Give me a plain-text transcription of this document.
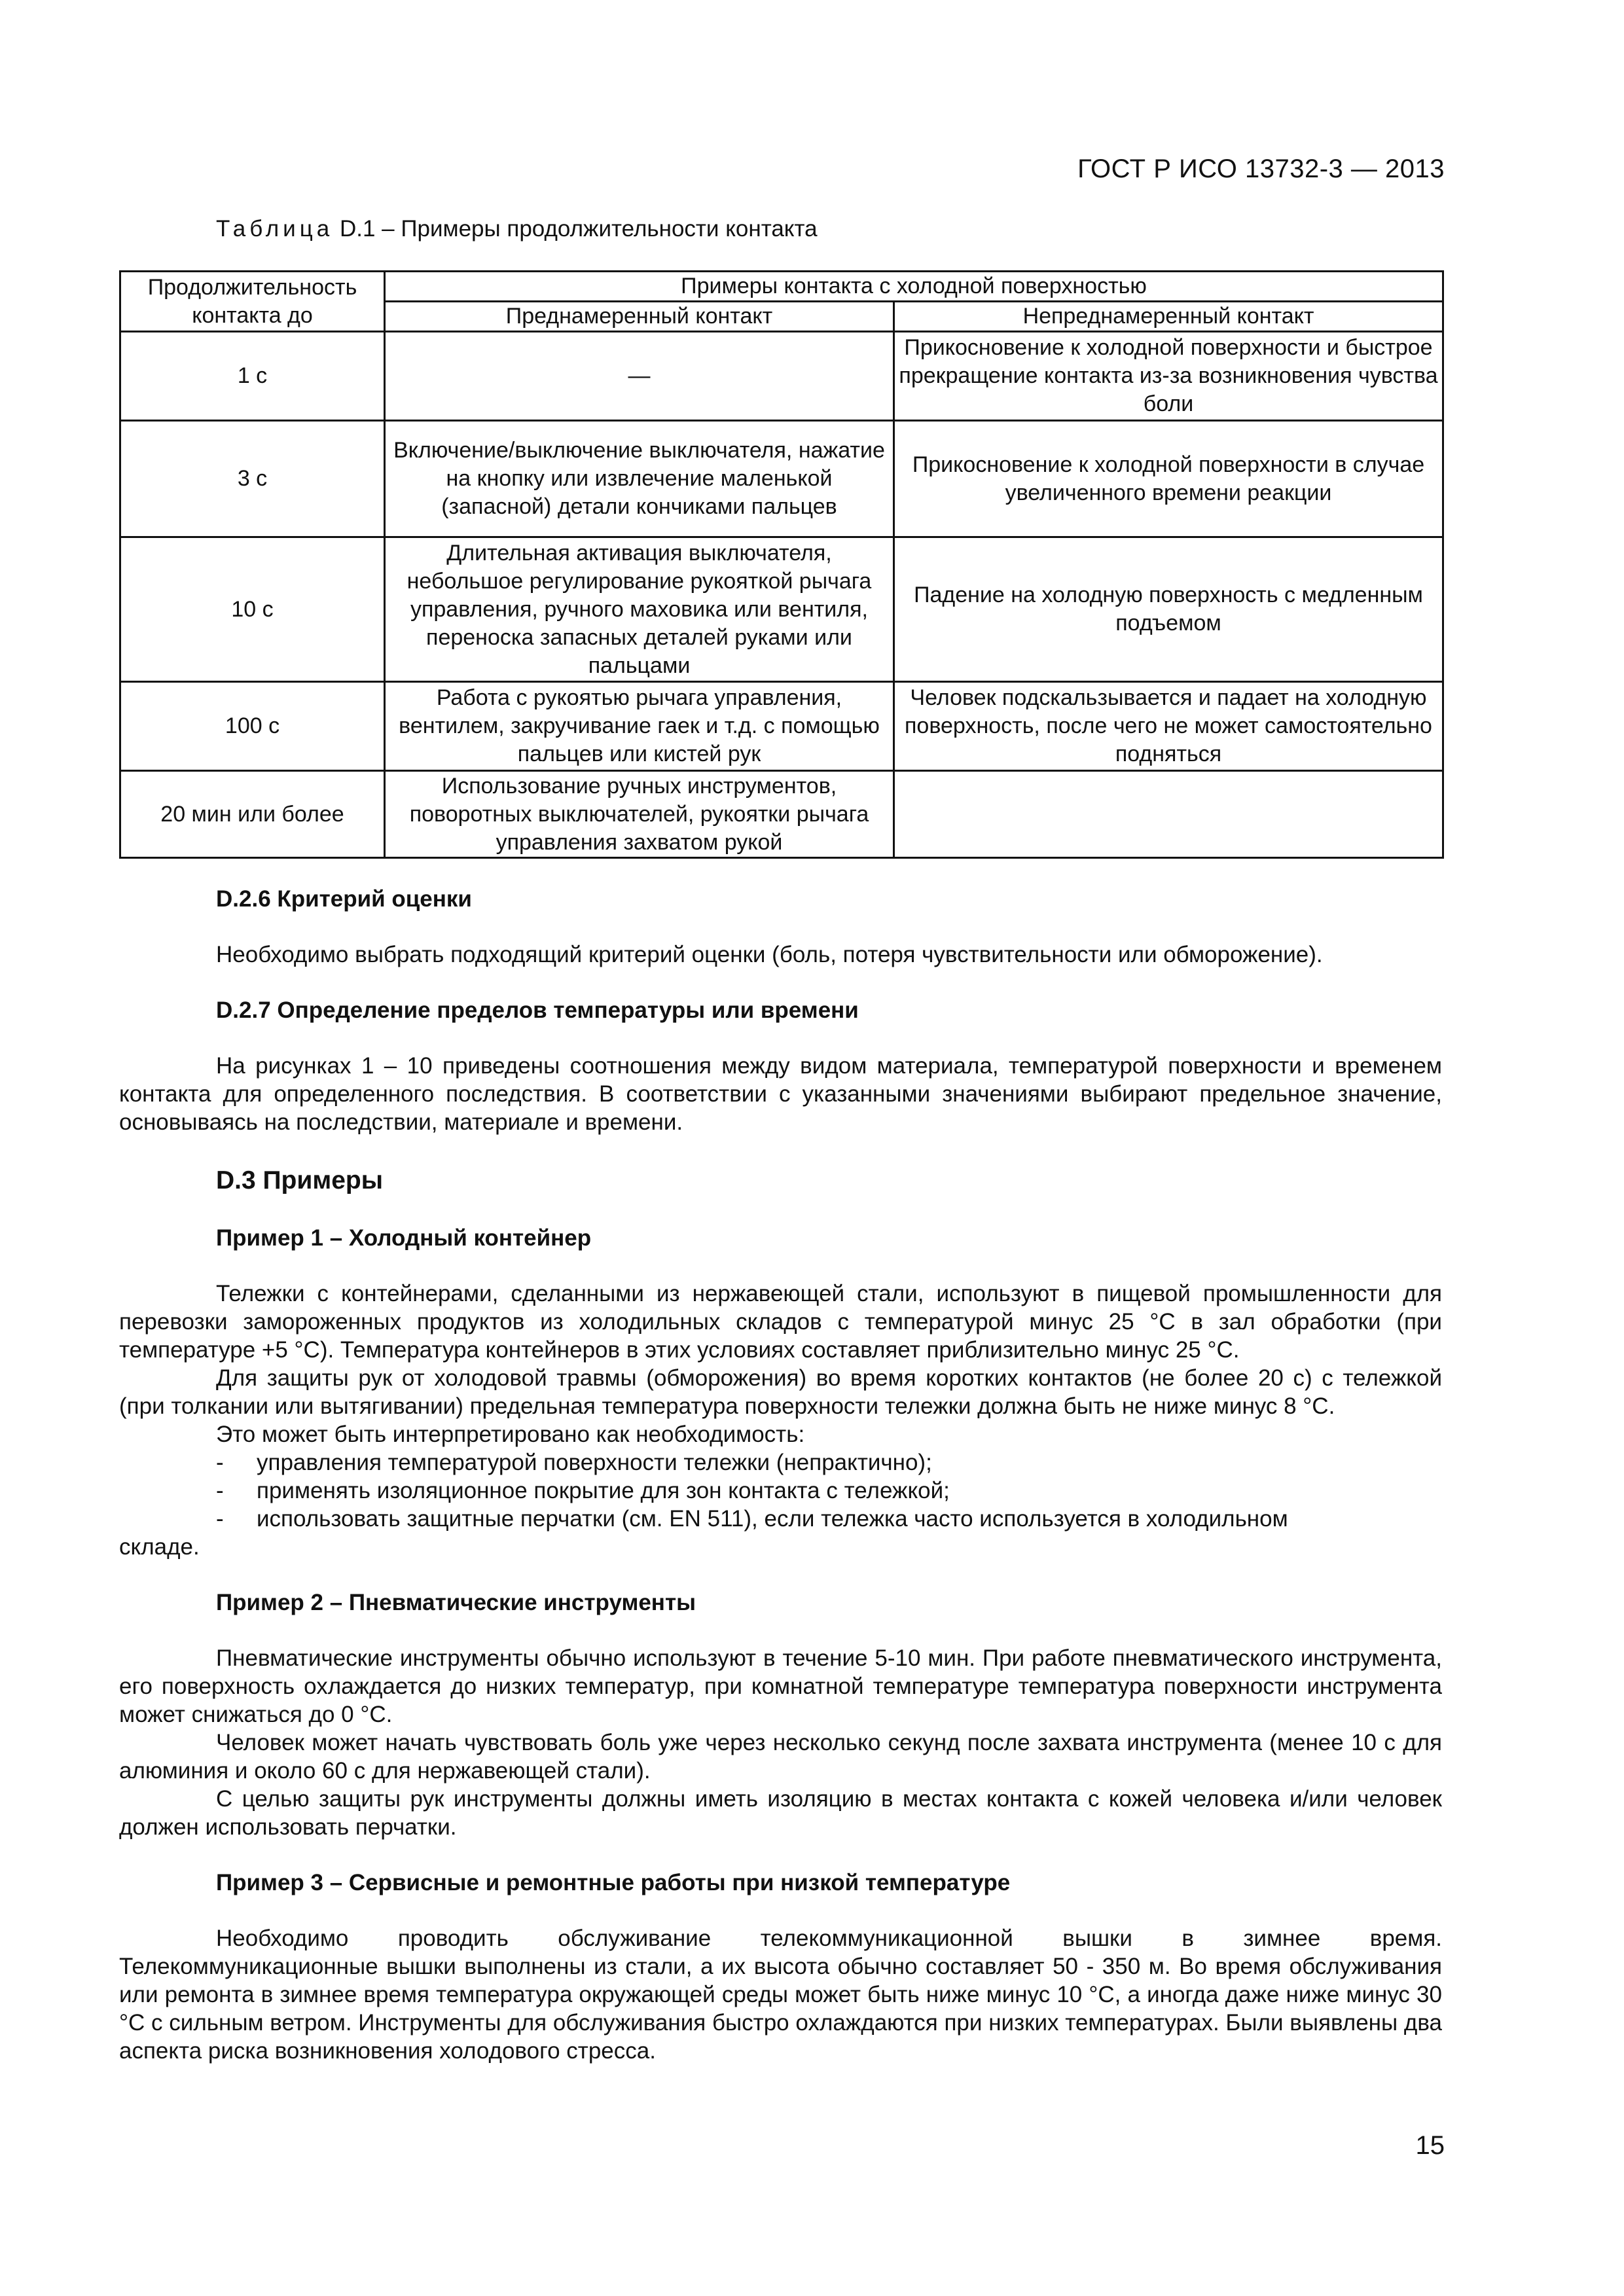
ГОСТ Р ИСО 13732-3 — 2013
Таблица D.1 – Примеры продолжительности контакта
Продолжительность
контакта до	Примеры контакта с холодной поверхностью	
	Преднамеренный контакт	Непреднамеренный контакт
1 с	—	Прикосновение к холодной поверхности и быстрое прекращение контакта из-за возникновения чувства боли
3 с	Включение/выключение выключателя, нажатие на кнопку или извлечение маленькой (запасной) детали кончиками пальцев	Прикосновение к холодной поверхности в случае увеличенного времени реакции
10 с	Длительная активация выключателя, небольшое регулирование рукояткой рычага управления, ручного маховика или вентиля, переноска запасных деталей руками или пальцами	Падение на холодную поверхность с медленным подъемом
100 с	Работа с рукоятью рычага управления, вентилем, закручивание гаек и т.д. с помощью пальцев или кистей рук	Человек подскальзывается и падает на холодную поверхность, после чего не может самостоятельно подняться
20 мин или более	Использование ручных инструментов, поворотных выключателей, рукоятки рычага управления захватом рукой	

D.2.6 Критерий оценки

Необходимо выбрать подходящий критерий оценки (боль, потеря чувствительности или обморожение).

D.2.7 Определение пределов температуры или времени

На рисунках 1 – 10 приведены соотношения между видом материала, температурой поверхности и временем контакта для определенного последствия. В соответствии с указанными значениями выбирают предельное значение, основываясь на последствии, материале и времени.

D.3 Примеры

Пример 1 – Холодный контейнер

Тележки с контейнерами, сделанными из нержавеющей стали, используют в пищевой промышленности для перевозки замороженных продуктов из холодильных складов с температурой минус 25 °С в зал обработки (при температуре +5 °С). Температура контейнеров в этих условиях составляет приблизительно минус 25 °С.

Для защиты рук от холодовой травмы (обморожения) во время коротких контактов (не более 20 с) с тележкой (при толкании или вытягивании) предельная температура поверхности тележки должна быть не ниже минус 8 °С.

Это может быть интерпретировано как необходимость:

-	управления температурой поверхности тележки (непрактично);
-	применять изоляционное покрытие для зон контакта с тележкой;
-	использовать защитные перчатки (см. EN 511), если тележка часто используется в холодильном

складе.

Пример 2 – Пневматические инструменты

Пневматические инструменты обычно используют в течение 5-10 мин. При работе пневматического инструмента, его поверхность охлаждается до низких температур, при комнатной температуре температура поверхности инструмента может снижаться до 0 °С.

Человек может начать чувствовать боль уже через несколько секунд после захвата инструмента (менее 10 с для алюминия и около 60 с для нержавеющей стали).

С целью защиты рук инструменты должны иметь изоляцию в местах контакта с кожей человека и/или человек должен использовать перчатки.

Пример 3 – Сервисные и ремонтные работы при низкой температуре

Необходимо проводить обслуживание телекоммуникационной вышки в зимнее время.

Телекоммуникационные вышки выполнены из стали, а их высота обычно составляет 50 - 350 м. Во время обслуживания или ремонта в зимнее время температура окружающей среды может быть ниже минус 10 °С, а иногда даже ниже минус 30 °С с сильным ветром. Инструменты для обслуживания быстро охлаждаются при низких температурах. Были выявлены два аспекта риска возникновения холодового стресса.

15
